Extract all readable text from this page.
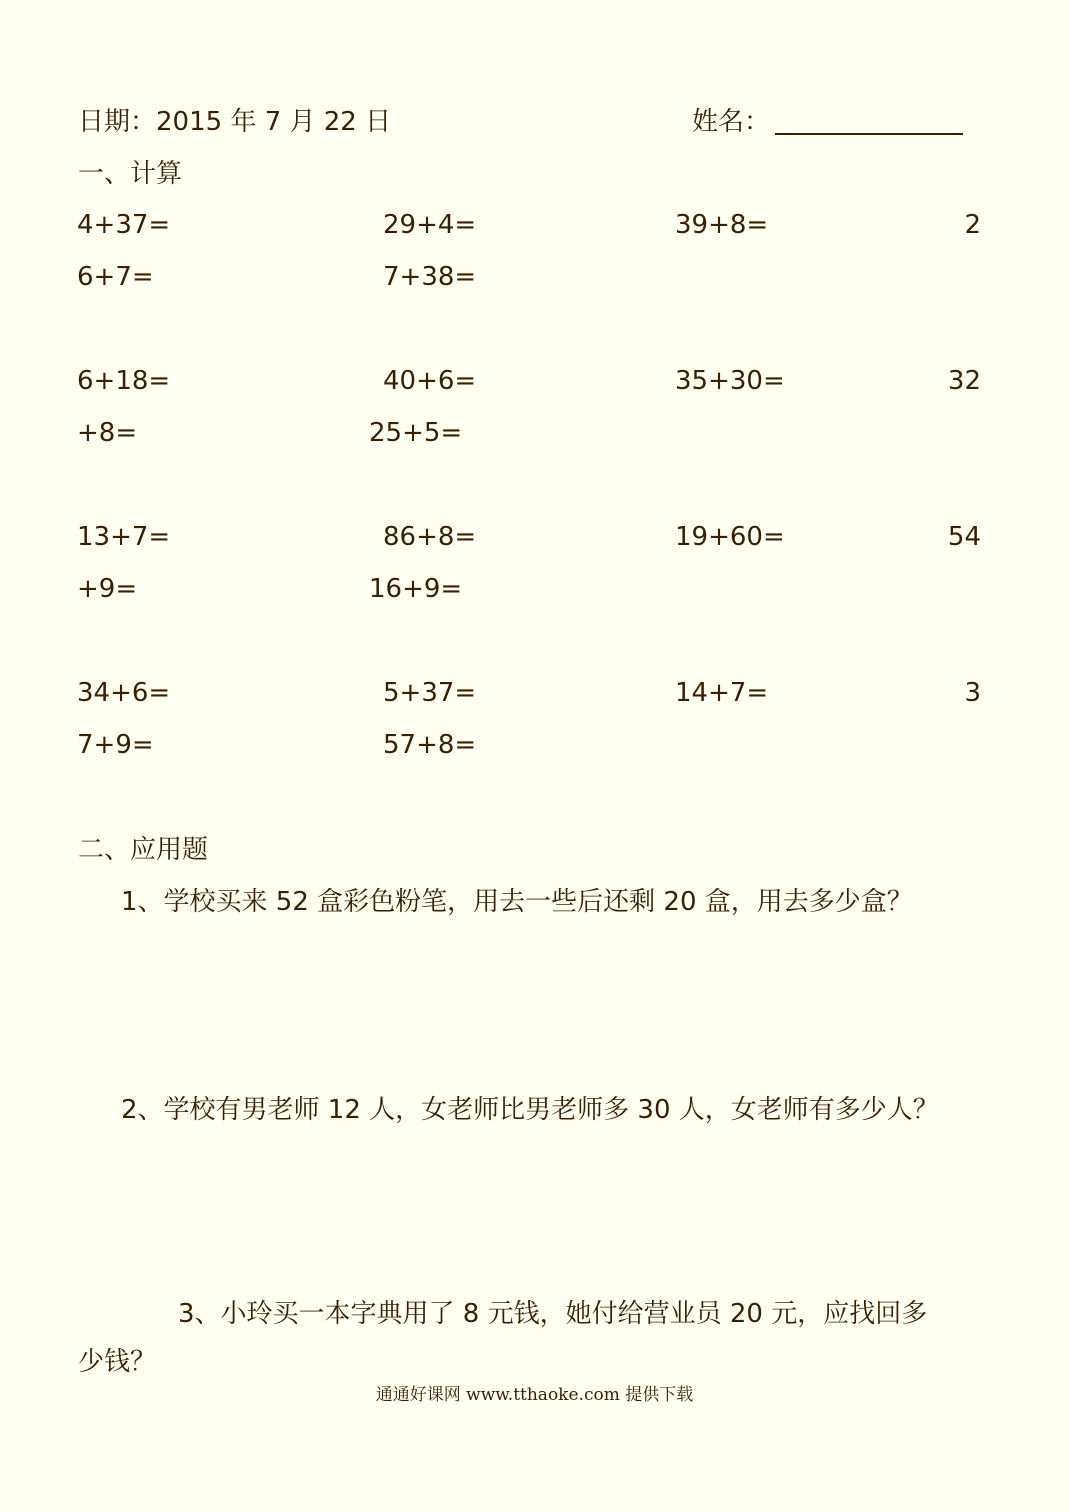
日期：2015 年 7 月 22 日	姓名：
一、计算
4+37=	29+4=	39+8=	2
6+7=	7+38=
6+18=	40+6=	35+30=	32
+8=	25+5=
13+7=	86+8=	19+60=	54
+9=	16+9=
34+6=	5+37=	14+7=	3
7+9=	57+8=
二、应用题
1、学校买来 52 盒彩色粉笔，用去一些后还剩 20 盒，用去多少盒？
2、学校有男老师 12 人，女老师比男老师多 30 人，女老师有多少人？
3、小玲买一本字典用了 8 元钱，她付给营业员 20 元，应找回多
少钱？
通通好课网 www.tthaoke.com 提供下载
